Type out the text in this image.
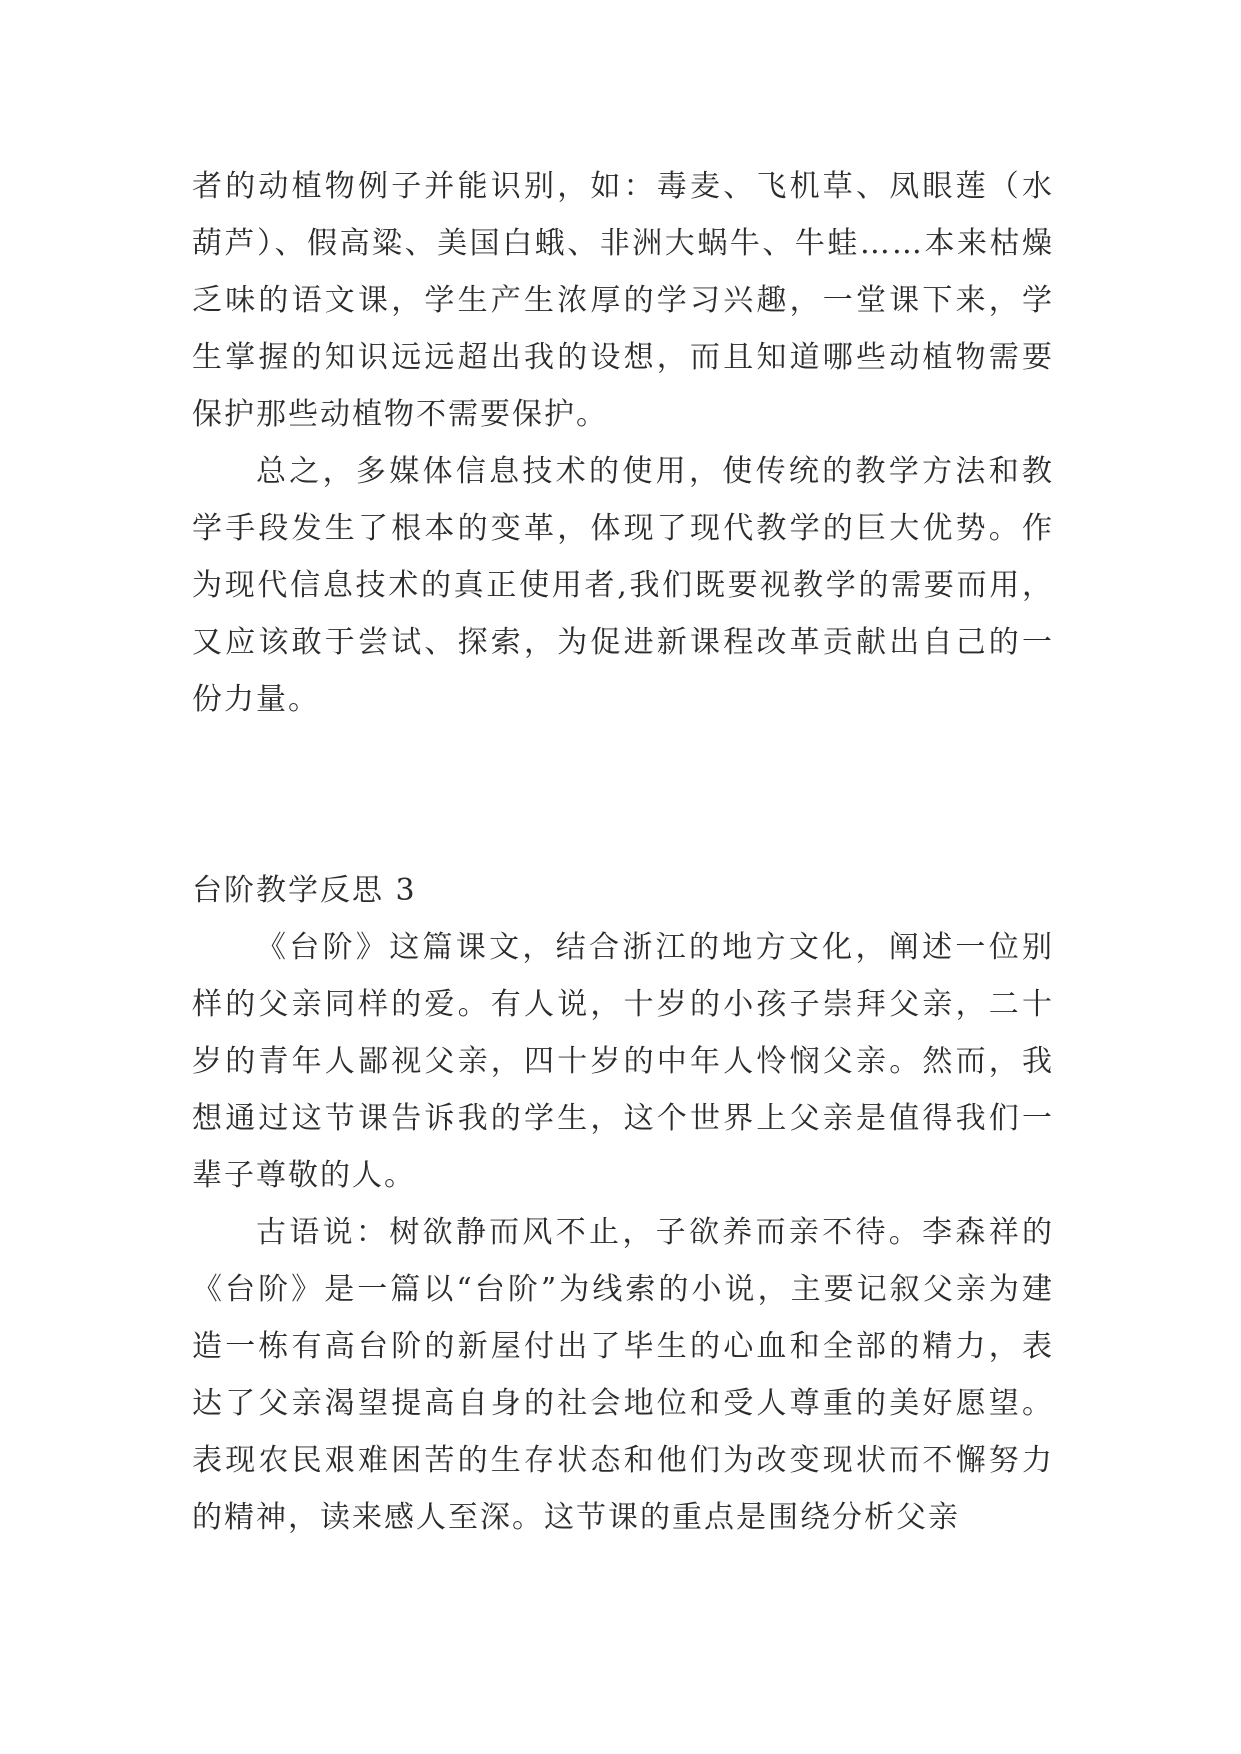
者的动植物例子并能识别，如：毒麦、飞机草、凤眼莲（水葫芦）、假高粱、美国白蛾、非洲大蜗牛、牛蛙……本来枯燥乏味的语文课，学生产生浓厚的学习兴趣，一堂课下来，学生掌握的知识远远超出我的设想，而且知道哪些动植物需要保护那些动植物不需要保护。

总之，多媒体信息技术的使用，使传统的教学方法和教学手段发生了根本的变革，体现了现代教学的巨大优势。作为现代信息技术的真正使用者,我们既要视教学的需要而用，又应该敢于尝试、探索，为促进新课程改革贡献出自己的一份力量。

台阶教学反思 3

《台阶》这篇课文，结合浙江的地方文化，阐述一位别样的父亲同样的爱。有人说，十岁的小孩子崇拜父亲，二十岁的青年人鄙视父亲，四十岁的中年人怜悯父亲。然而，我想通过这节课告诉我的学生，这个世界上父亲是值得我们一辈子尊敬的人。

古语说：树欲静而风不止，子欲养而亲不待。李森祥的《台阶》是一篇以“台阶”为线索的小说，主要记叙父亲为建造一栋有高台阶的新屋付出了毕生的心血和全部的精力，表达了父亲渴望提高自身的社会地位和受人尊重的美好愿望。表现农民艰难困苦的生存状态和他们为改变现状而不懈努力的精神，读来感人至深。这节课的重点是围绕分析父亲
